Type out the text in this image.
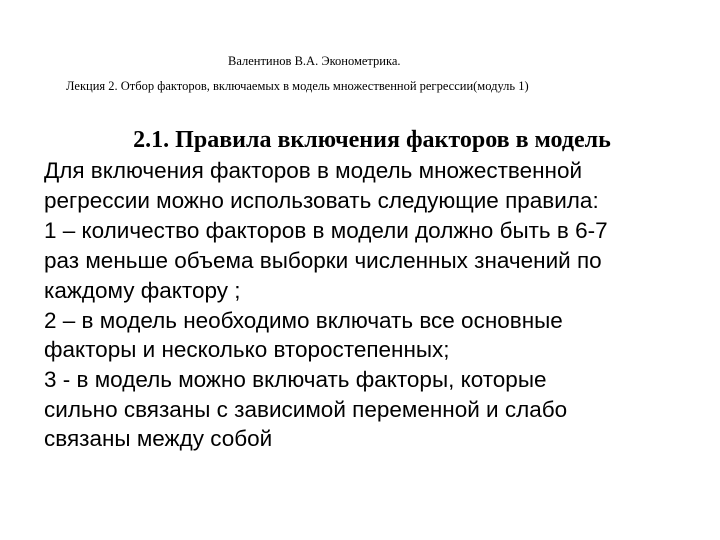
Валентинов В.А. Эконометрика.
Лекция 2. Отбор факторов, включаемых в модель множественной регрессии(модуль 1)
2.1. Правила включения факторов в модель
Для включения факторов в модель множественной
регрессии можно использовать следующие правила:
1 – количество факторов в модели должно быть в 6-7
раз меньше объема выборки численных значений по
каждому фактору ;
2 – в модель необходимо включать все основные
факторы и несколько второстепенных;
3 - в модель можно включать факторы, которые
сильно связаны с зависимой переменной и слабо
связаны между собой
